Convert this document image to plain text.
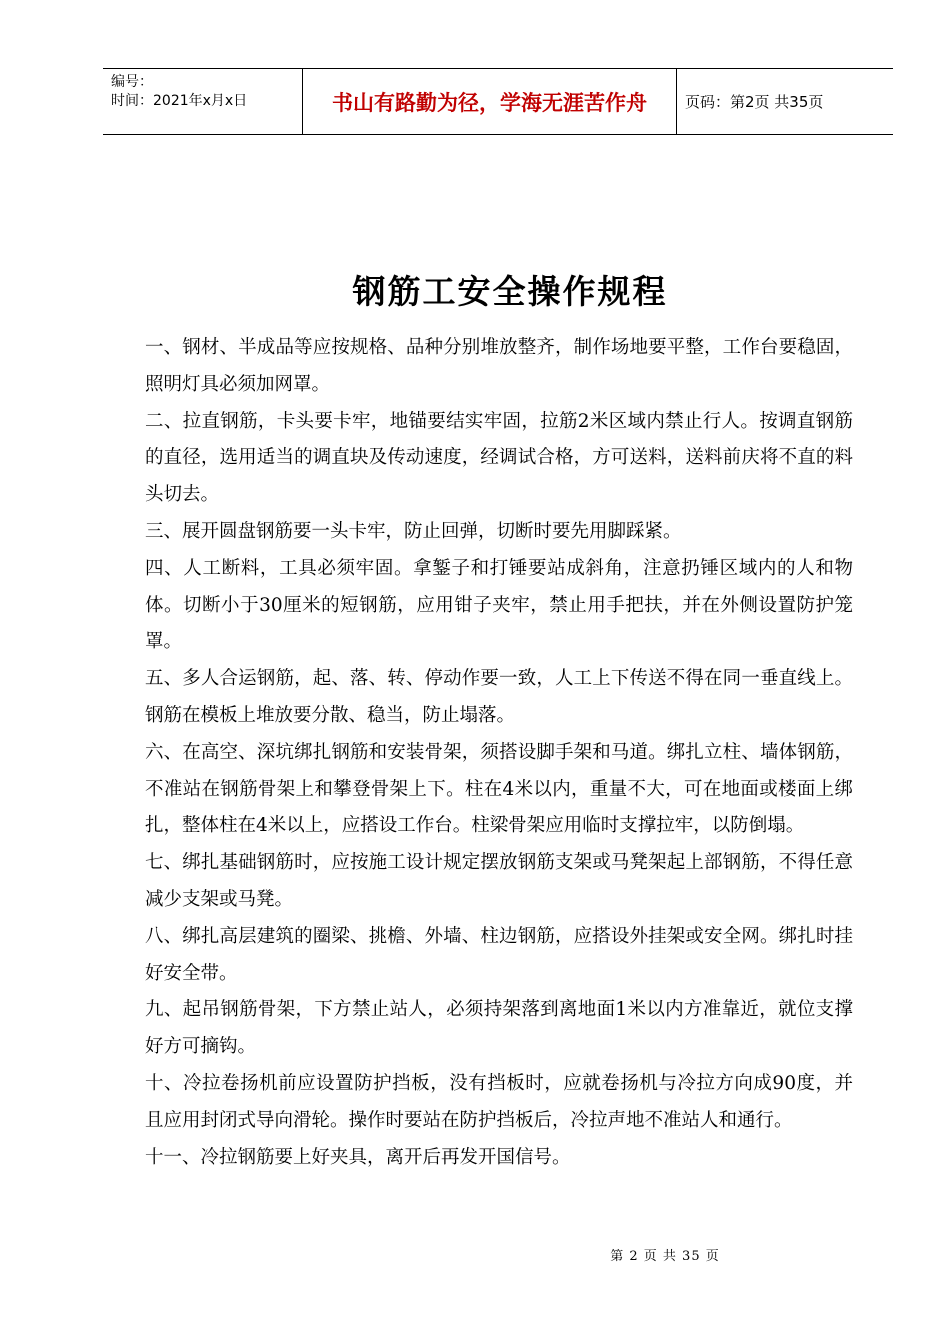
编号：
时间：2021年x月x日	书山有路勤为径，学海无涯苦作舟	页码：第2页 共35页
钢筋工安全操作规程

一、钢材、半成品等应按规格、品种分别堆放整齐，制作场地要平整，工作台要稳固，照明灯具必须加网罩。

二、拉直钢筋，卡头要卡牢，地锚要结实牢固，拉筋2米区域内禁止行人。按调直钢筋的直径，选用适当的调直块及传动速度，经调试合格，方可送料，送料前庆将不直的料头切去。

三、展开圆盘钢筋要一头卡牢，防止回弹，切断时要先用脚踩紧。

四、人工断料，工具必须牢固。拿錾子和打锤要站成斜角，注意扔锤区域内的人和物体。切断小于30厘米的短钢筋，应用钳子夹牢，禁止用手把扶，并在外侧设置防护笼罩。

五、多人合运钢筋，起、落、转、停动作要一致，人工上下传送不得在同一垂直线上。钢筋在模板上堆放要分散、稳当，防止塌落。

六、在高空、深坑绑扎钢筋和安装骨架，须搭设脚手架和马道。绑扎立柱、墙体钢筋，不准站在钢筋骨架上和攀登骨架上下。柱在4米以内，重量不大，可在地面或楼面上绑扎，整体柱在4米以上，应搭设工作台。柱梁骨架应用临时支撑拉牢，以防倒塌。

七、绑扎基础钢筋时，应按施工设计规定摆放钢筋支架或马凳架起上部钢筋，不得任意减少支架或马凳。

八、绑扎高层建筑的圈梁、挑檐、外墙、柱边钢筋，应搭设外挂架或安全网。绑扎时挂好安全带。

九、起吊钢筋骨架，下方禁止站人，必须持架落到离地面1米以内方准靠近，就位支撑好方可摘钩。

十、冷拉卷扬机前应设置防护挡板，没有挡板时，应就卷扬机与冷拉方向成90度，并且应用封闭式导向滑轮。操作时要站在防护挡板后，冷拉声地不准站人和通行。

十一、冷拉钢筋要上好夹具，离开后再发开国信号。

第 2 页 共 35 页
